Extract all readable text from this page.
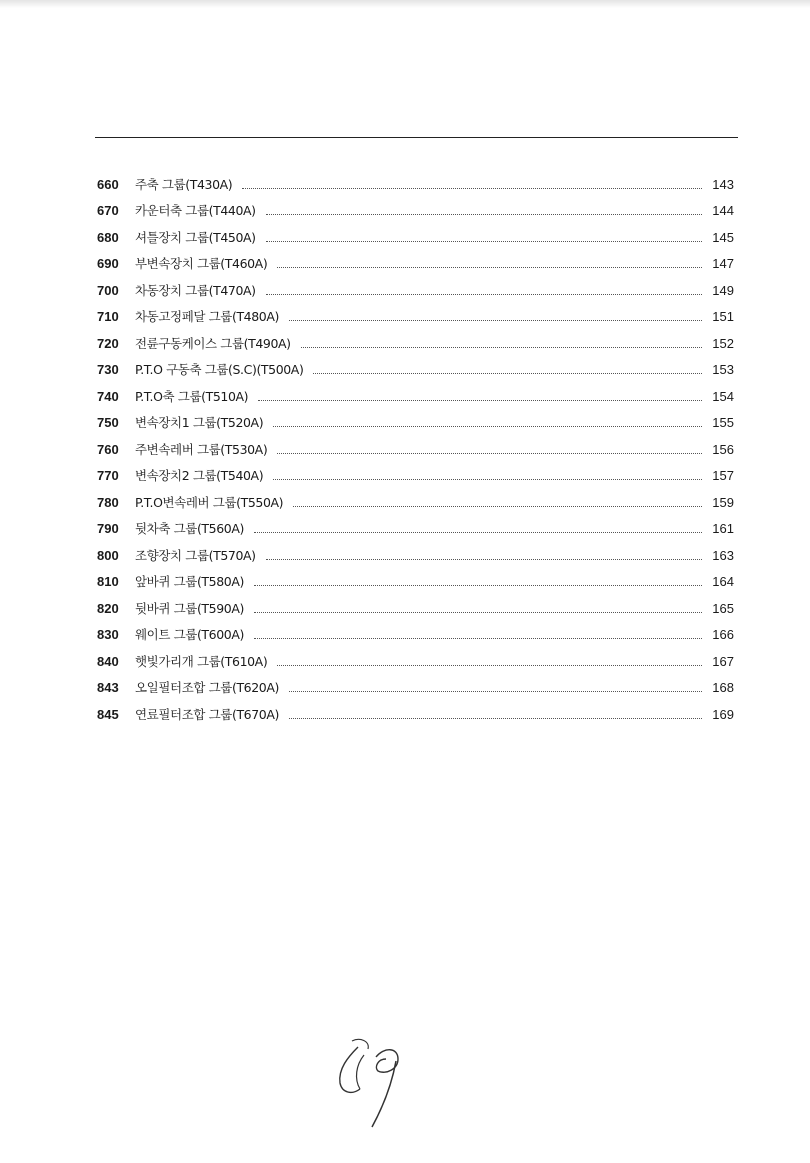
660	주축 그룹(T430A)	143
670	카운터축 그룹(T440A)	144
680	셔틀장치 그룹(T450A)	145
690	부변속장치 그룹(T460A)	147
700	차동장치 그룹(T470A)	149
710	차동고정페달 그룹(T480A)	151
720	전륜구동케이스 그룹(T490A)	152
730	P.T.O 구동축 그룹(S.C)(T500A)	153
740	P.T.O축 그룹(T510A)	154
750	변속장치1 그룹(T520A)	155
760	주변속레버 그룹(T530A)	156
770	변속장치2 그룹(T540A)	157
780	P.T.O변속레버 그룹(T550A)	159
790	뒷차축 그룹(T560A)	161
800	조향장치 그룹(T570A)	163
810	앞바퀴 그룹(T580A)	164
820	뒷바퀴 그룹(T590A)	165
830	웨이트 그룹(T600A)	166
840	햇빛가리개 그룹(T610A)	167
843	오일필터조합 그룹(T620A)	168
845	연료필터조합 그룹(T670A)	169
